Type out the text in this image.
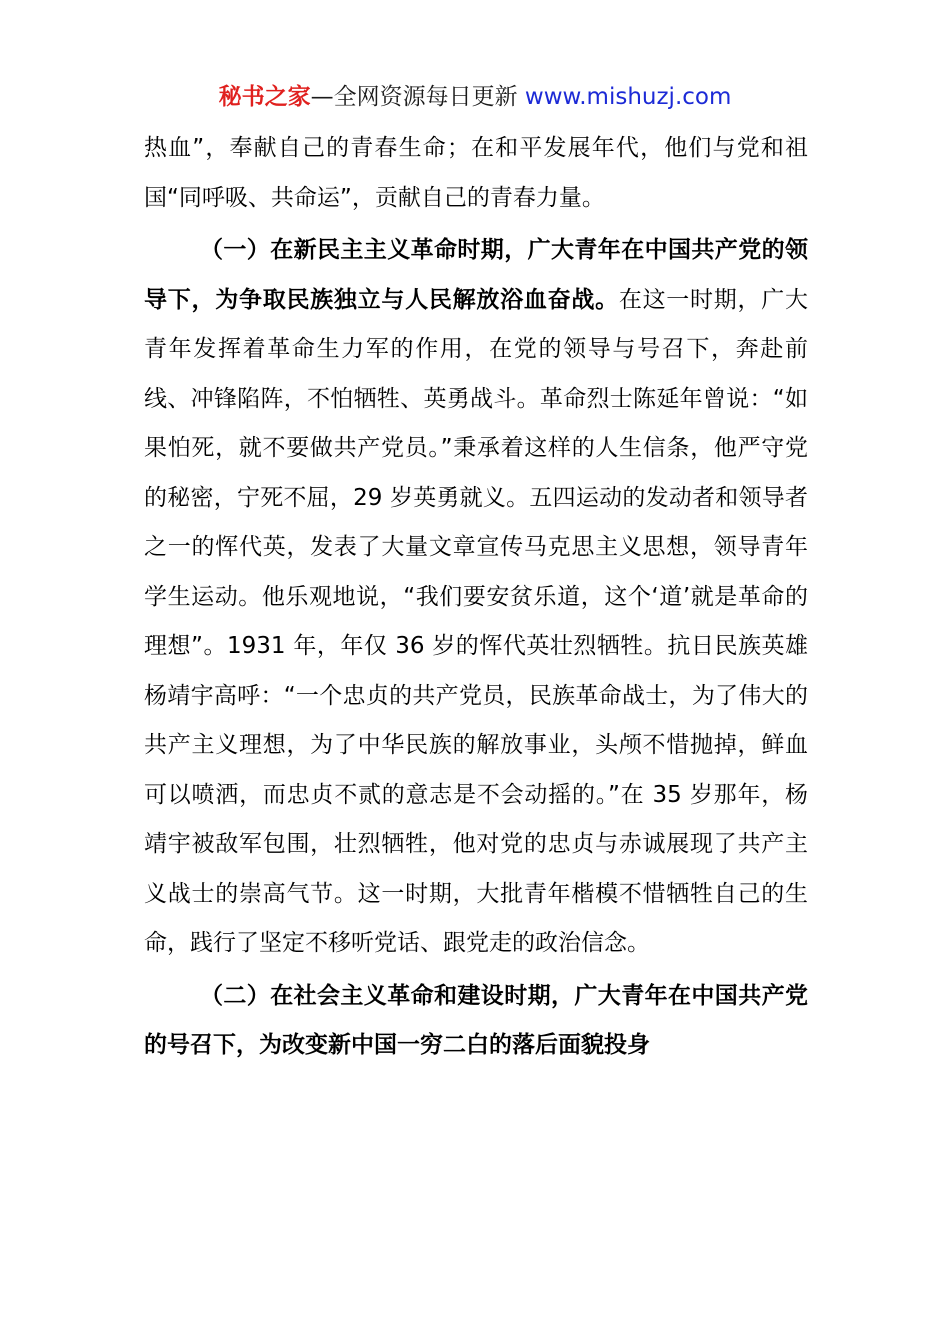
秘书之家—全网资源每日更新 www.mishuzj.com

热血”，奉献自己的青春生命；在和平发展年代，他们与党和祖国“同呼吸、共命运”，贡献自己的青春力量。

（一）在新民主主义革命时期，广大青年在中国共产党的领导下，为争取民族独立与人民解放浴血奋战。在这一时期，广大青年发挥着革命生力军的作用，在党的领导与号召下，奔赴前线、冲锋陷阵，不怕牺牲、英勇战斗。革命烈士陈延年曾说：“如果怕死，就不要做共产党员。”秉承着这样的人生信条，他严守党的秘密，宁死不屈，29 岁英勇就义。五四运动的发动者和领导者之一的恽代英，发表了大量文章宣传马克思主义思想，领导青年学生运动。他乐观地说，“我们要安贫乐道，这个‘道’就是革命的理想”。1931 年，年仅 36 岁的恽代英壮烈牺牲。抗日民族英雄杨靖宇高呼：“一个忠贞的共产党员，民族革命战士，为了伟大的共产主义理想，为了中华民族的解放事业，头颅不惜抛掉，鲜血可以喷洒，而忠贞不贰的意志是不会动摇的。”在 35 岁那年，杨靖宇被敌军包围，壮烈牺牲，他对党的忠贞与赤诚展现了共产主义战士的崇高气节。这一时期，大批青年楷模不惜牺牲自己的生命，践行了坚定不移听党话、跟党走的政治信念。

（二）在社会主义革命和建设时期，广大青年在中国共产党的号召下，为改变新中国一穷二白的落后面貌投身
